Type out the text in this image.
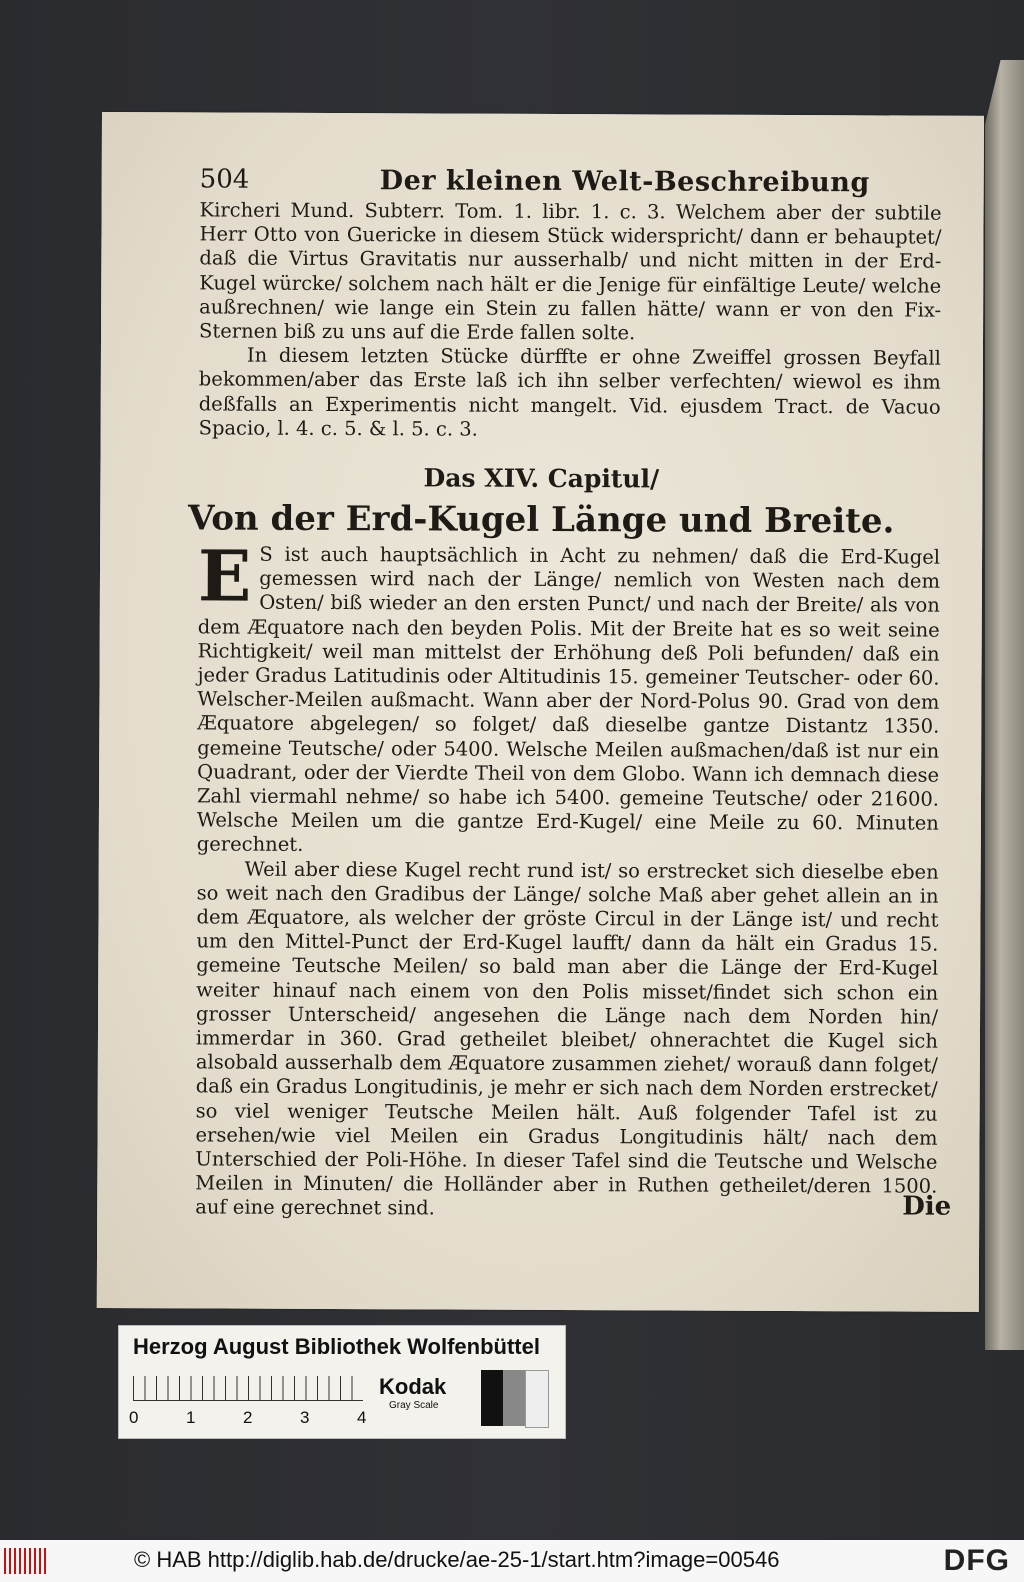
504	Der kleinen Welt-Beschreibung

Kircheri Mund. Subterr. Tom. 1. libr. 1. c. 3. Welchem aber der subtile Herr Otto von Guericke in diesem Stück widerspricht/ dann er behauptet/ daß die Virtus Gravitatis nur ausserhalb/ und nicht mitten in der Erd-Kugel würcke/ solchem nach hält er die Jenige für einfältige Leute/ welche außrechnen/ wie lange ein Stein zu fallen hätte/ wann er von den Fix-Sternen biß zu uns auf die Erde fallen solte.

In diesem letzten Stücke dürffte er ohne Zweiffel grossen Beyfall bekommen/aber das Erste laß ich ihn selber verfechten/ wiewol es ihm deßfalls an Experimentis nicht mangelt. Vid. ejusdem Tract. de Vacuo Spacio, l. 4. c. 5. & l. 5. c. 3.

Das XIV. Capitul/
Von der Erd-Kugel Länge und Breite.

E S ist auch hauptsächlich in Acht zu nehmen/ daß die Erd-Kugel gemessen wird nach der Länge/ nemlich von Westen nach dem Osten/ biß wieder an den ersten Punct/ und nach der Breite/ als von dem Æquatore nach den beyden Polis. Mit der Breite hat es so weit seine Richtigkeit/ weil man mittelst der Erhöhung deß Poli befunden/ daß ein jeder Gradus Latitudinis oder Altitudinis 15. gemeiner Teutscher- oder 60. Welscher-Meilen außmacht. Wann aber der Nord-Polus 90. Grad von dem Æquatore abgelegen/ so folget/ daß dieselbe gantze Distantz 1350. gemeine Teutsche/ oder 5400. Welsche Meilen außmachen/daß ist nur ein Quadrant, oder der Vierdte Theil von dem Globo. Wann ich demnach diese Zahl viermahl nehme/ so habe ich 5400. gemeine Teutsche/ oder 21600. Welsche Meilen um die gantze Erd-Kugel/ eine Meile zu 60. Minuten gerechnet.

Weil aber diese Kugel recht rund ist/ so erstrecket sich dieselbe eben so weit nach den Gradibus der Länge/ solche Maß aber gehet allein an in dem Æquatore, als welcher der gröste Circul in der Länge ist/ und recht um den Mittel-Punct der Erd-Kugel laufft/ dann da hält ein Gradus 15. gemeine Teutsche Meilen/ so bald man aber die Länge der Erd-Kugel weiter hinauf nach einem von den Polis misset/findet sich schon ein grosser Unterscheid/ angesehen die Länge nach dem Norden hin/ immerdar in 360. Grad getheilet bleibet/ ohnerachtet die Kugel sich alsobald ausserhalb dem Æquatore zusammen ziehet/ worauß dann folget/ daß ein Gradus Longitudinis, je mehr er sich nach dem Norden erstrecket/ so viel weniger Teutsche Meilen hält. Auß folgender Tafel ist zu ersehen/wie viel Meilen ein Gradus Longitudinis hält/ nach dem Unterschied der Poli-Höhe. In dieser Tafel sind die Teutsche und Welsche Meilen in Minuten/ die Holländer aber in Ruthen getheilet/deren 1500. auf eine gerechnet sind.	Die
Herzog August Bibliothek Wolfenbüttel
0	1	2	3	4
Kodak
Gray Scale
© HAB http://diglib.hab.de/drucke/ae-25-1/start.htm?image=00546	DFG
